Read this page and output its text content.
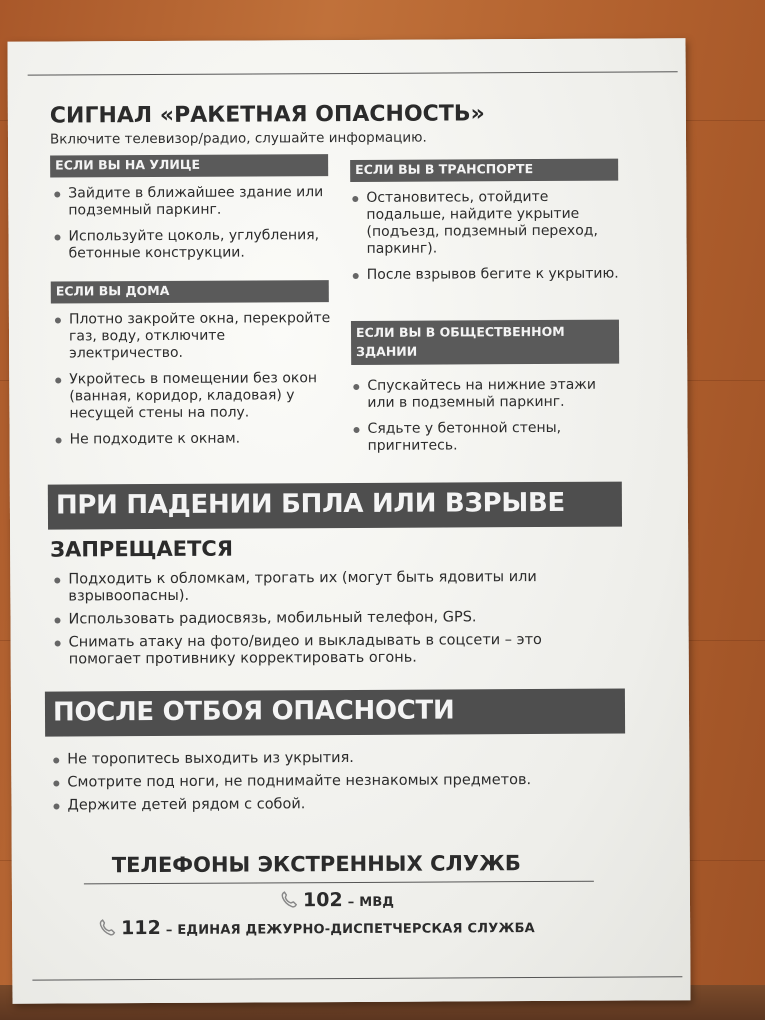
СИГНАЛ «РАКЕТНАЯ ОПАСНОСТЬ»
Включите телевизор/радио, слушайте информацию.
ЕСЛИ ВЫ НА УЛИЦЕ
Зайдите в ближайшее здание или подземный паркинг.
Используйте цоколь, углубления, бетонные конструкции.
ЕСЛИ ВЫ В ТРАНСПОРТЕ
Остановитесь, отойдите подальше, найдите укрытие (подъезд, подземный переход, паркинг).
После взрывов бегите к укрытию.
ЕСЛИ ВЫ ДОМА
Плотно закройте окна, перекройте газ, воду, отключите электричество.
Укройтесь в помещении без окон (ванная, коридор, кладовая) у несущей стены на полу.
Не подходите к окнам.
ЕСЛИ ВЫ В ОБЩЕСТВЕННОМ ЗДАНИИ
Спускайтесь на нижние этажи или в подземный паркинг.
Сядьте у бетонной стены, пригнитесь.
ПРИ ПАДЕНИИ БПЛА ИЛИ ВЗРЫВЕ
ЗАПРЕЩАЕТСЯ
Подходить к обломкам, трогать их (могут быть ядовиты или взрывоопасны).
Использовать радиосвязь, мобильный телефон, GPS.
Снимать атаку на фото/видео и выкладывать в соцсети – это помогает противнику корректировать огонь.
ПОСЛЕ ОТБОЯ ОПАСНОСТИ
Не торопитесь выходить из укрытия.
Смотрите под ноги, не поднимайте незнакомых предметов.
Держите детей рядом с собой.
ТЕЛЕФОНЫ ЭКСТРЕННЫХ СЛУЖБ
102 – МВД
112 – ЕДИНАЯ ДЕЖУРНО-ДИСПЕТЧЕРСКАЯ СЛУЖБА
